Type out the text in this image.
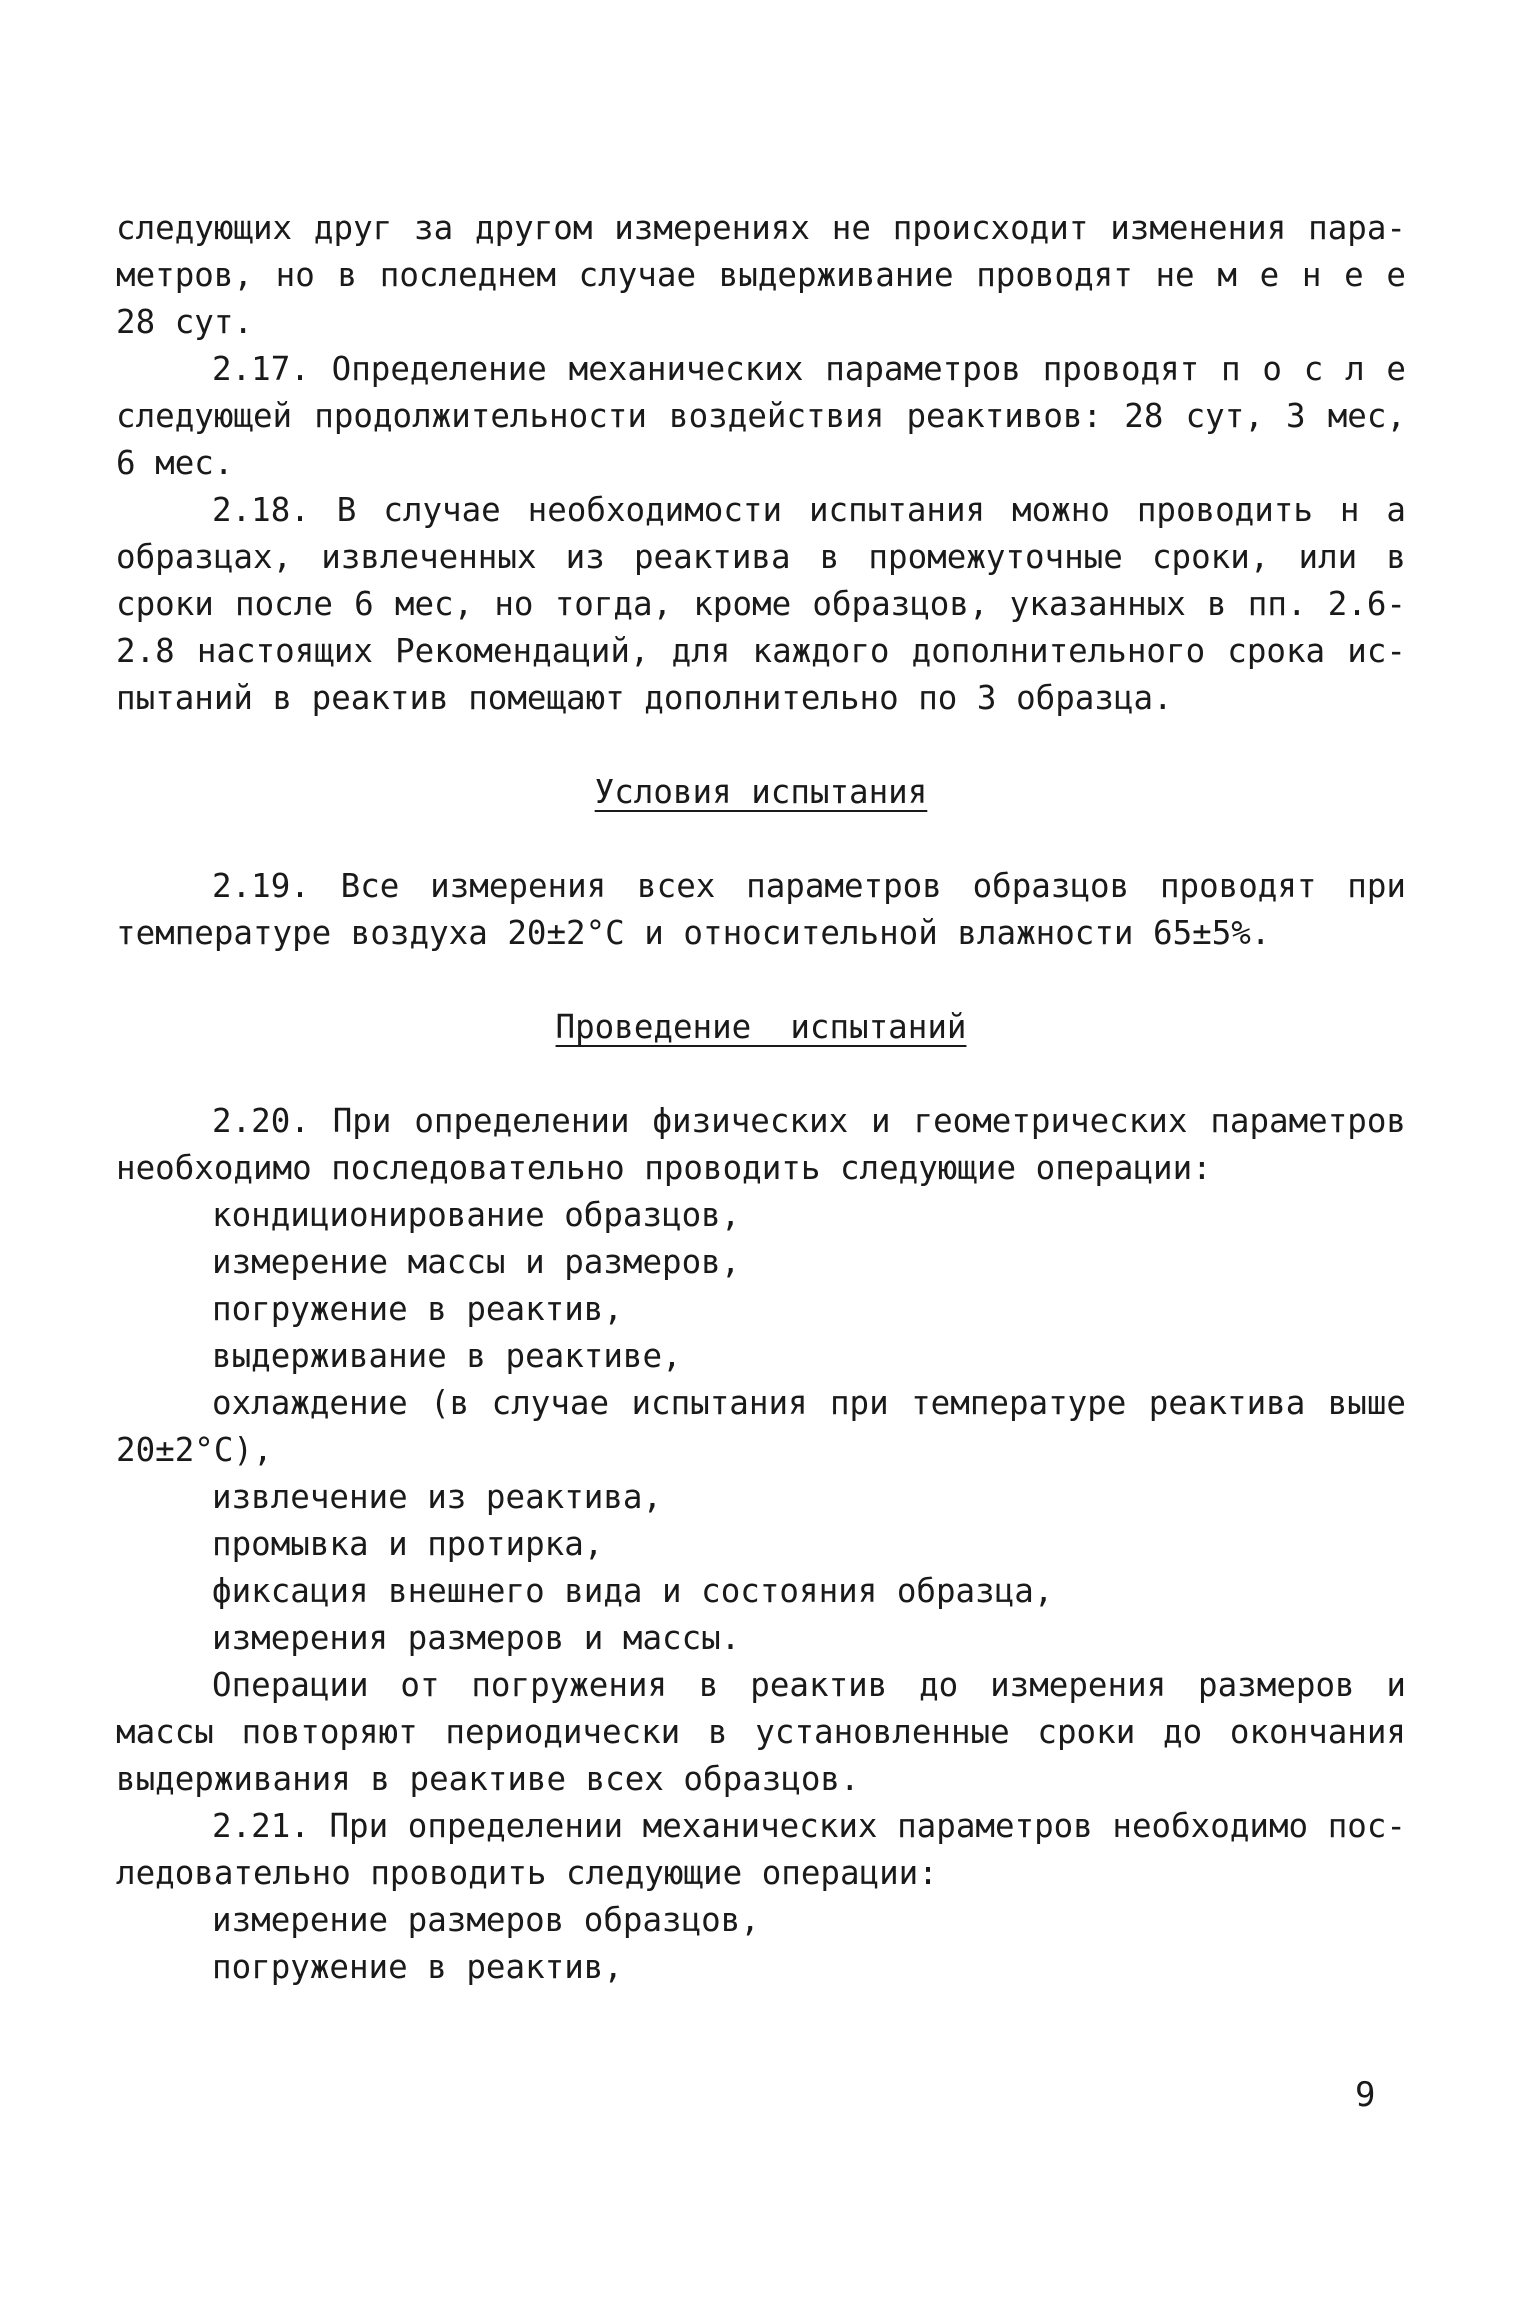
следующих друг за другом измерениях не происходит изменения пара-
метров, но в последнем случае выдерживание проводят не м е н е е
28 сут.
2.17. Определение механических параметров проводят п о с л е
следующей продолжительности воздействия реактивов: 28 сут, 3 мес,
6 мес.
2.18. В случае необходимости испытания можно проводить н а
образцах, извлеченных из реактива в промежуточные сроки, или в
сроки после 6 мес, но тогда, кроме образцов, указанных в пп. 2.6-
2.8 настоящих Рекомендаций, для каждого дополнительного срока ис-
пытаний в реактив помещают дополнительно по 3 образца.
Условия испытания
2.19. Все измерения всех параметров образцов проводят при
температуре воздуха 20±2°С и относительной влажности 65±5%.
Проведение  испытаний
2.20. При определении физических и геометрических параметров
необходимо последовательно проводить следующие операции:
кондиционирование образцов,
измерение массы и размеров,
погружение в реактив,
выдерживание в реактиве,
охлаждение (в случае испытания при температуре реактива выше
20±2°С),
извлечение из реактива,
промывка и протирка,
фиксация внешнего вида и состояния образца,
измерения размеров и массы.
Операции от погружения в реактив до измерения размеров и
массы повторяют периодически в установленные сроки до окончания
выдерживания в реактиве всех образцов.
2.21. При определении механических параметров необходимо пос-
ледовательно проводить следующие операции:
измерение размеров образцов,
погружение в реактив,
9
